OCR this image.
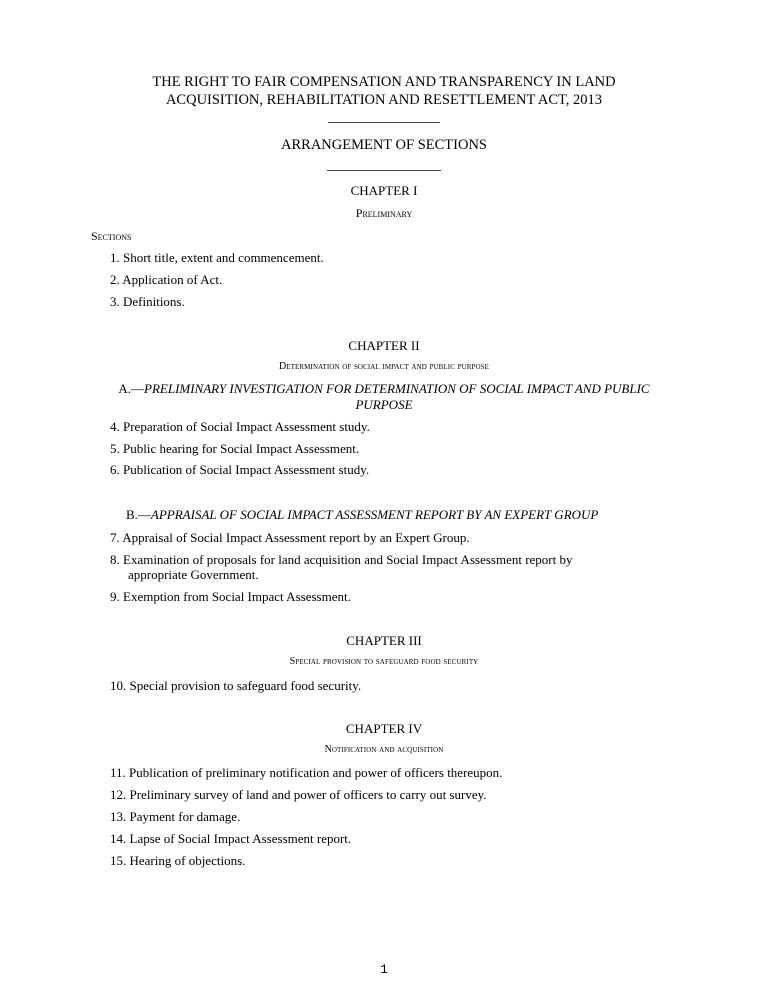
THE RIGHT TO FAIR COMPENSATION AND TRANSPARENCY IN LAND
ACQUISITION, REHABILITATION AND RESETTLEMENT ACT, 2013
ARRANGEMENT OF SECTIONS
CHAPTER I
Preliminary
Sections
1. Short title, extent and commencement.
2. Application of Act.
3. Definitions.
CHAPTER II
Determination of social impact and public purpose
A.—PRELIMINARY INVESTIGATION FOR DETERMINATION OF SOCIAL IMPACT AND PUBLIC
PURPOSE
4. Preparation of Social Impact Assessment study.
5. Public hearing for Social Impact Assessment.
6. Publication of Social Impact Assessment study.
B.—APPRAISAL OF SOCIAL IMPACT ASSESSMENT REPORT BY AN EXPERT GROUP
7. Appraisal of Social Impact Assessment report by an Expert Group.
8. Examination of proposals for land acquisition and Social Impact Assessment report by
appropriate Government.
9. Exemption from Social Impact Assessment.
CHAPTER III
Special provision to safeguard food security
10. Special provision to safeguard food security.
CHAPTER IV
Notification and acquisition
11. Publication of preliminary notification and power of officers thereupon.
12. Preliminary survey of land and power of officers to carry out survey.
13. Payment for damage.
14. Lapse of Social Impact Assessment report.
15. Hearing of objections.
1
